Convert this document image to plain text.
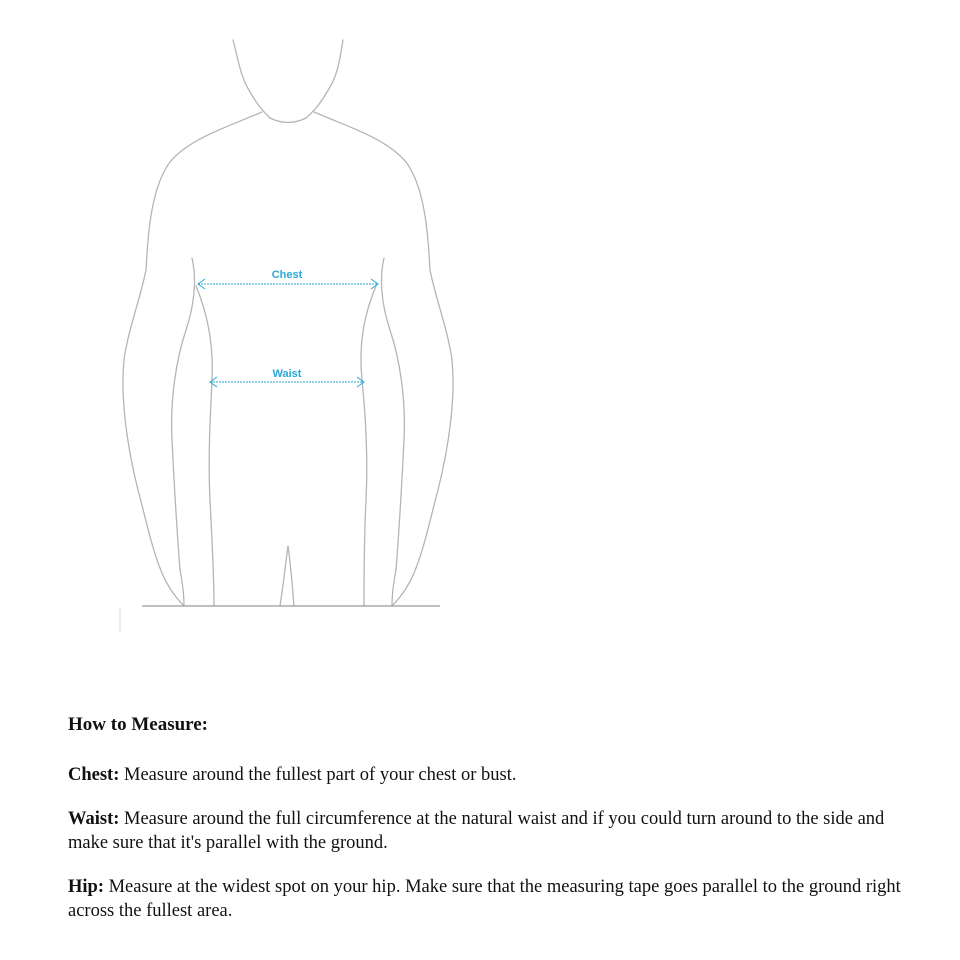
Chest
Waist
How to Measure:

Chest: Measure around the fullest part of your chest or bust.

Waist: Measure around the full circumference at the natural waist and if you could turn around to the side and make sure that it's parallel with the ground.

Hip: Measure at the widest spot on your hip. Make sure that the measuring tape goes parallel to the ground right across the fullest area.
